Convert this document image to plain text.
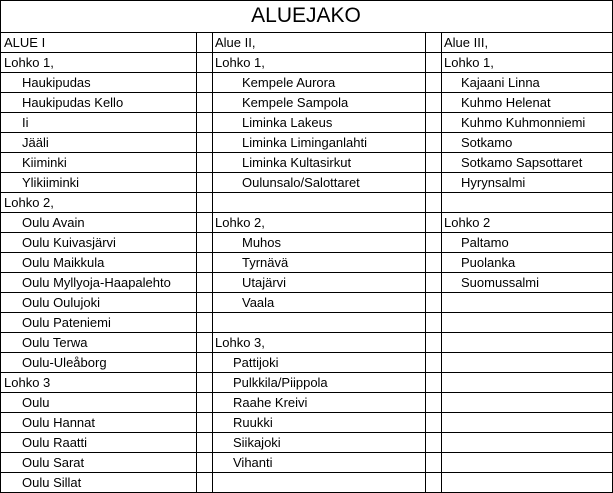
ALUEJAKO
ALUE I
Lohko 1,
Haukipudas
Haukipudas Kello
Ii
Jääli
Kiiminki
Ylikiiminki
Lohko 2,
Oulu Avain
Oulu Kuivasjärvi
Oulu Maikkula
Oulu Myllyoja-Haapalehto
Oulu Oulujoki
Oulu Pateniemi
Oulu Terwa
Oulu-Uleåborg
Lohko 3
Oulu
Oulu Hannat
Oulu Raatti
Oulu Sarat
Oulu Sillat
Alue II,
Lohko 1,
Kempele Aurora
Kempele Sampola
Liminka Lakeus
Liminka Liminganlahti
Liminka Kultasirkut
Oulunsalo/Salottaret
Lohko 2,
Muhos
Tyrnävä
Utajärvi
Vaala
Lohko 3,
Pattijoki
Pulkkila/Piippola
Raahe Kreivi
Ruukki
Siikajoki
Vihanti
Alue III,
Lohko 1,
Kajaani Linna
Kuhmo Helenat
Kuhmo Kuhmonniemi
Sotkamo
Sotkamo Sapsottaret
Hyrynsalmi
Lohko 2
Paltamo
Puolanka
Suomussalmi
